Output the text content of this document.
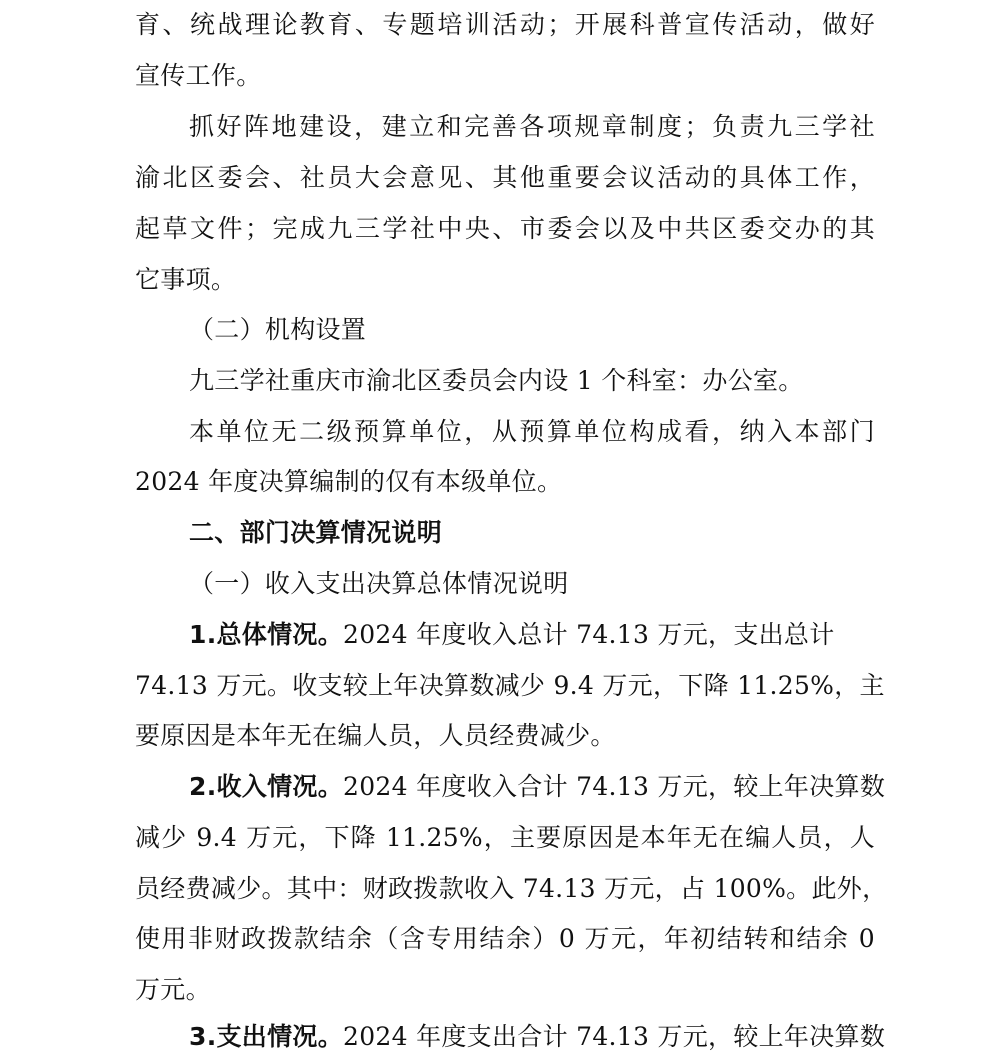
育、统战理论教育、专题培训活动；开展科普宣传活动，做好
宣传工作。
抓好阵地建设，建立和完善各项规章制度；负责九三学社
渝北区委会、社员大会意见、其他重要会议活动的具体工作，
起草文件；完成九三学社中央、市委会以及中共区委交办的其
它事项。
（二）机构设置
九三学社重庆市渝北区委员会内设 1 个科室：办公室。
本单位无二级预算单位，从预算单位构成看，纳入本部门
2024 年度决算编制的仅有本级单位。
二、部门决算情况说明
（一）收入支出决算总体情况说明
1.总体情况。2024 年度收入总计 74.13 万元，支出总计
74.13 万元。收支较上年决算数减少 9.4 万元，下降 11.25%，主
要原因是本年无在编人员，人员经费减少。
2.收入情况。2024 年度收入合计 74.13 万元，较上年决算数
减少 9.4 万元，下降 11.25%，主要原因是本年无在编人员，人
员经费减少。其中：财政拨款收入 74.13 万元，占 100%。此外，
使用非财政拨款结余（含专用结余）0 万元，年初结转和结余 0
万元。
3.支出情况。2024 年度支出合计 74.13 万元，较上年决算数
